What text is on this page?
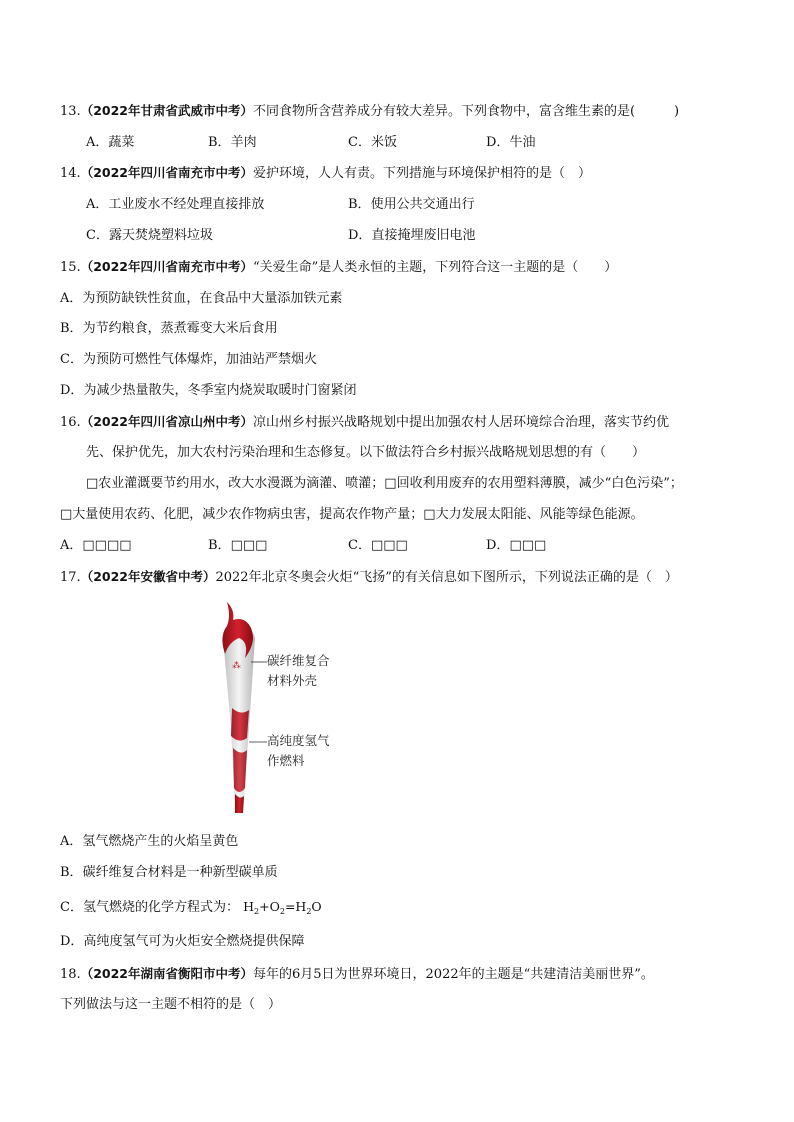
13.（2022年甘肃省武威市中考）不同食物所含营养成分有较大差异。下列食物中，富含维生素的是(　　　)
A．蔬菜	B．羊肉	C．米饭	D．牛油
14.（2022年四川省南充市中考）爱护环境，人人有责。下列措施与环境保护相符的是（　）
A．工业废水不经处理直接排放	B．使用公共交通出行
C．露天焚烧塑料垃圾	D．直接掩埋废旧电池
15.（2022年四川省南充市中考）“关爱生命”是人类永恒的主题，下列符合这一主题的是（　　）
A．为预防缺铁性贫血，在食品中大量添加铁元素
B．为节约粮食，蒸煮霉变大米后食用
C．为预防可燃性气体爆炸，加油站严禁烟火
D．为减少热量散失，冬季室内烧炭取暖时门窗紧闭
16.（2022年四川省凉山州中考）凉山州乡村振兴战略规划中提出加强农村人居环境综合治理，落实节约优
先、保护优先，加大农村污染治理和生态修复。以下做法符合乡村振兴战略规划思想的有（　　）
□农业灌溉要节约用水，改大水漫溉为滴灌、喷灌；□回收利用废弃的农用塑料薄膜，减少“白色污染”；
□大量使用农药、化肥，减少农作物病虫害，提高农作物产量；□大力发展太阳能、风能等绿色能源。
A．□□□□	B．□□□	C．□□□	D．□□□
17.（2022年安徽省中考）2022年北京冬奥会火炬“飞扬”的有关信息如下图所示，下列说法正确的是（　）
⁂ 碳纤维复合
材料外壳
高纯度氢气
作燃料
A．氢气燃烧产生的火焰呈黄色
B．碳纤维复合材料是一种新型碳单质
C．氢气燃烧的化学方程式为： $H_2+O_2=H_2O$
D．高纯度氢气可为火炬安全燃烧提供保障
18.（2022年湖南省衡阳市中考）每年的6月5日为世界环境日，2022年的主题是“共建清洁美丽世界”。
下列做法与这一主题不相符的是（　）
